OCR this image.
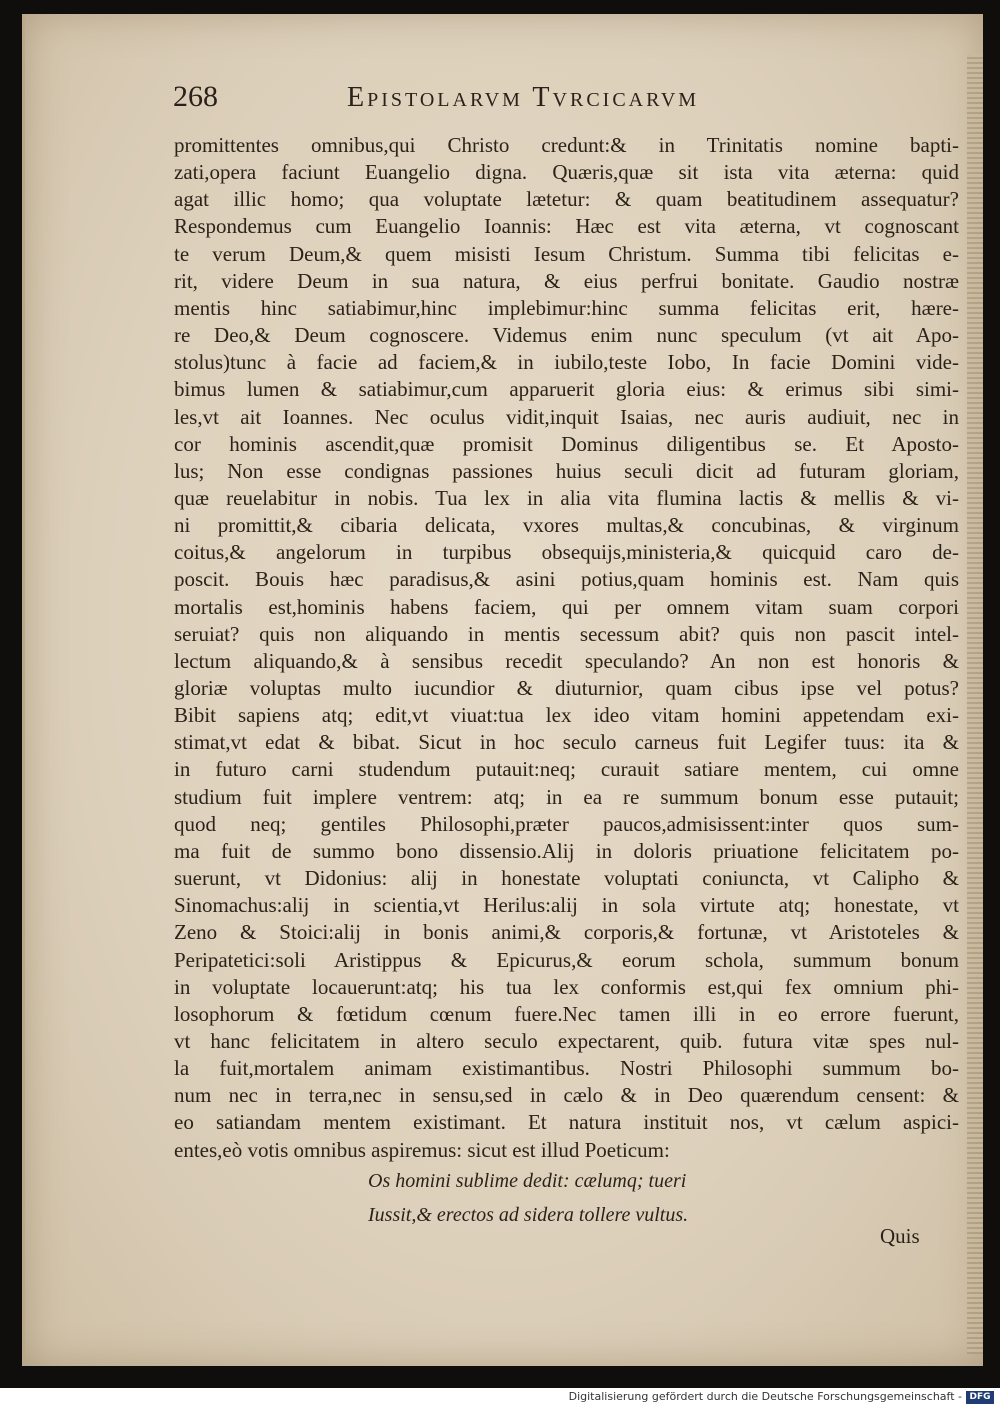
268	Epistolarvm Tvrcicarvm
promittentes omnibus,qui Christo credunt:& in Trinitatis nomine bapti-
zati,opera faciunt Euangelio digna. Quæris,quæ sit ista vita æterna: quid
agat illic homo; qua voluptate lætetur: & quam beatitudinem assequatur?
Respondemus cum Euangelio Ioannis: Hæc est vita æterna, vt cognoscant
te verum Deum,& quem misisti Iesum Christum. Summa tibi felicitas e-
rit, videre Deum in sua natura, & eius perfrui bonitate. Gaudio nostræ
mentis hinc satiabimur,hinc implebimur:hinc summa felicitas erit, hære-
re Deo,& Deum cognoscere. Videmus enim nunc speculum (vt ait Apo-
stolus)tunc à facie ad faciem,& in iubilo,teste Iobo, In facie Domini vide-
bimus lumen & satiabimur,cum apparuerit gloria eius: & erimus sibi simi-
les,vt ait Ioannes. Nec oculus vidit,inquit Isaias, nec auris audiuit, nec in
cor hominis ascendit,quæ promisit Dominus diligentibus se. Et Aposto-
lus; Non esse condignas passiones huius seculi dicit ad futuram gloriam,
quæ reuelabitur in nobis. Tua lex in alia vita flumina lactis & mellis & vi-
ni promittit,& cibaria delicata, vxores multas,& concubinas, & virginum
coitus,& angelorum in turpibus obsequijs,ministeria,& quicquid caro de-
poscit. Bouis hæc paradisus,& asini potius,quam hominis est. Nam quis
mortalis est,hominis habens faciem, qui per omnem vitam suam corpori
seruiat? quis non aliquando in mentis secessum abit? quis non pascit intel-
lectum aliquando,& à sensibus recedit speculando? An non est honoris &
gloriæ voluptas multo iucundior & diuturnior, quam cibus ipse vel potus?
Bibit sapiens atq; edit,vt viuat:tua lex ideo vitam homini appetendam exi-
stimat,vt edat & bibat. Sicut in hoc seculo carneus fuit Legifer tuus: ita &
in futuro carni studendum putauit:neq; curauit satiare mentem, cui omne
studium fuit implere ventrem: atq; in ea re summum bonum esse putauit;
quod neq; gentiles Philosophi,præter paucos,admisissent:inter quos sum-
ma fuit de summo bono dissensio.Alij in doloris priuatione felicitatem po-
suerunt, vt Didonius: alij in honestate voluptati coniuncta, vt Calipho &
Sinomachus:alij in scientia,vt Herilus:alij in sola virtute atq; honestate, vt
Zeno & Stoici:alij in bonis animi,& corporis,& fortunæ, vt Aristoteles &
Peripatetici:soli Aristippus & Epicurus,& eorum schola, summum bonum
in voluptate locauerunt:atq; his tua lex conformis est,qui fex omnium phi-
losophorum & fœtidum cœnum fuere.Nec tamen illi in eo errore fuerunt,
vt hanc felicitatem in altero seculo expectarent, quib. futura vitæ spes nul-
la fuit,mortalem animam existimantibus. Nostri Philosophi summum bo-
num nec in terra,nec in sensu,sed in cælo & in Deo quærendum censent: &
eo satiandam mentem existimant. Et natura instituit nos, vt cælum aspici-
entes,eò votis omnibus aspiremus: sicut est illud Poeticum:
Os homini sublime dedit: cælumq; tueri
Iussit,& erectos ad sidera tollere vultus.
Quis
Digitalisierung gefördert durch die Deutsche Forschungsgemeinschaft - DFG
